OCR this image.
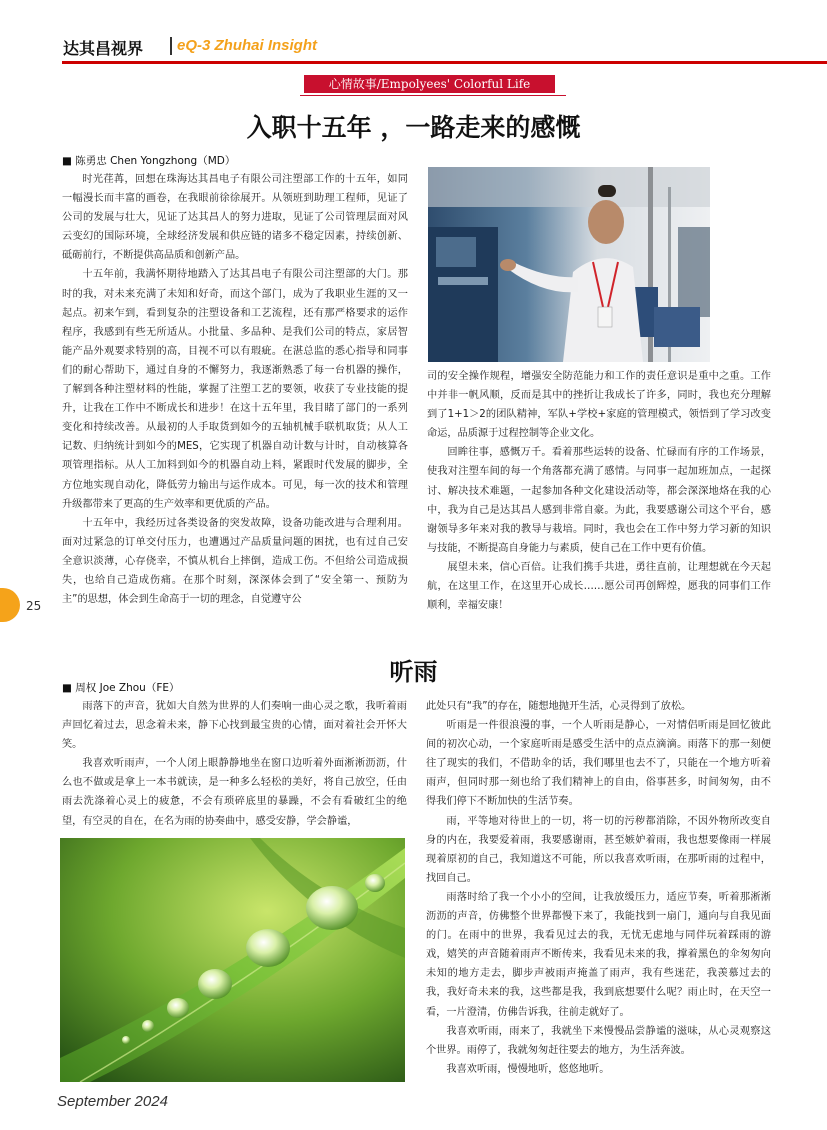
达其昌视界 eQ-3 Zhuhai Insight
心情故事/Empolyees' Colorful Life
入职十五年 ，一路走来的感慨
■ 陈勇忠 Chen Yongzhong（MD）

时光荏苒，回想在珠海达其昌电子有限公司注塑部工作的十五年，如同一幅漫长而丰富的画卷，在我眼前徐徐展开。从领班到助理工程师，见证了公司的发展与壮大，见证了达其昌人的努力进取，见证了公司管理层面对风云变幻的国际环境，全球经济发展和供应链的诸多不稳定因素，持续创新、砥砺前行，不断提供高品质和创新产品。

十五年前，我满怀期待地踏入了达其昌电子有限公司注塑部的大门。那时的我，对未来充满了未知和好奇，而这个部门，成为了我职业生涯的又一起点。初来乍到，看到复杂的注塑设备和工艺流程，还有那严格要求的运作程序，我感到有些无所适从。小批量、多品种、是我们公司的特点，家居智能产品外观要求特别的高，目视不可以有瑕疵。在湛总监的悉心指导和同事们的耐心帮助下，通过自身的不懈努力，我逐渐熟悉了每一台机器的操作，了解到各种注塑材料的性能，掌握了注塑工艺的要领，收获了专业技能的提升，让我在工作中不断成长和进步！在这十五年里，我目睹了部门的一系列变化和持续改善。从最初的人手取货到如今的五轴机械手联机取货；从人工记数、归纳统计到如今的MES，它实现了机器自动计数与计时，自动核算各项管理指标。从人工加料到如今的机器自动上料，紧跟时代发展的脚步，全方位地实现自动化，降低劳力输出与运作成本。可见，每一次的技术和管理升级都带来了更高的生产效率和更优质的产品。

十五年中，我经历过各类设备的突发故障，设备功能改进与合理利用。面对过紧急的订单交付压力，也遭遇过产品质量问题的困扰，也有过自己安全意识淡薄，心存侥幸，不慎从机台上摔倒，造成工伤。不但给公司造成损失，也给自己造成伤痛。在那个时刻，深深体会到了“安全第一、预防为主”的思想，体会到生命高于一切的理念，自觉遵守公

司的安全操作规程，增强安全防范能力和工作的责任意识是重中之重。工作中并非一帆风顺，反而是其中的挫折让我成长了许多，同时，我也充分理解到了1+1＞2的团队精神，军队+学校+家庭的管理模式，领悟到了学习改变命运，品质源于过程控制等企业文化。

回眸往事，感慨万千。看着那些运转的设备、忙碌而有序的工作场景，使我对注塑车间的每一个角落都充满了感情。与同事一起加班加点，一起探讨、解决技术难题，一起参加各种文化建设活动等，都会深深地烙在我的心中，我为自己是达其昌人感到非常自豪。为此，我要感谢公司这个平台，感谢领导多年来对我的教导与栽培。同时，我也会在工作中努力学习新的知识与技能，不断提高自身能力与素质，使自己在工作中更有价值。

展望未来，信心百倍。让我们携手共进，勇往直前，让理想就在今天起航，在这里工作，在这里开心成长……愿公司再创辉煌，愿我的同事们工作顺利，幸福安康！

25
听雨
■ 周权 Joe Zhou（FE）

雨落下的声音，犹如大自然为世界的人们奏响一曲心灵之歌，我听着雨声回忆着过去，思念着未来，静下心找到最宝贵的心情，面对着社会开怀大笑。

我喜欢听雨声，一个人闭上眼静静地坐在窗口边听着外面淅淅沥沥，什么也不做或是拿上一本书就读，是一种多么轻松的美好，将自己放空，任由雨去洗涤着心灵上的疲惫，不会有琐碎底里的暴躁，不会有看破红尘的绝望，有空灵的自在，在名为雨的协奏曲中，感受安静，学会静谧，

此处只有“我”的存在，随想地抛开生活，心灵得到了放松。

听雨是一件很浪漫的事，一个人听雨是静心，一对情侣听雨是回忆彼此间的初次心动，一个家庭听雨是感受生活中的点点滴滴。雨落下的那一刻便往了现实的我们，不借助伞的话，我们哪里也去不了，只能在一个地方听着雨声，但同时那一刻也给了我们精神上的自由，俗事甚多，时间匆匆，由不得我们停下不断加快的生活节奏。

雨，平等地对待世上的一切，将一切的污秽都消除，不因外物所改变自身的内在，我要爱着雨，我要感谢雨，甚至嫉妒着雨，我也想要像雨一样展现着原初的自己，我知道这不可能，所以我喜欢听雨，在那听雨的过程中，找回自己。

雨落时给了我一个小小的空间，让我放缓压力，适应节奏，听着那淅淅沥沥的声音，仿佛整个世界都慢下来了，我能找到一扇门，通向与自我见面的门。在雨中的世界，我看见过去的我，无忧无虑地与同伴玩着踩雨的游戏，嬉笑的声音随着雨声不断传来，我看见未来的我，撑着黑色的伞匆匆向未知的地方走去，脚步声被雨声掩盖了雨声，我有些迷茫，我羡慕过去的我，我好奇未来的我，这些都是我，我到底想要什么呢？雨止时，在天空一看，一片澄清，仿佛告诉我，往前走就好了。

我喜欢听雨，雨来了，我就坐下来慢慢品尝静谧的滋味，从心灵观察这个世界。雨停了，我就匆匆赶往要去的地方，为生活奔波。

我喜欢听雨，慢慢地听，悠悠地听。

September 2024
